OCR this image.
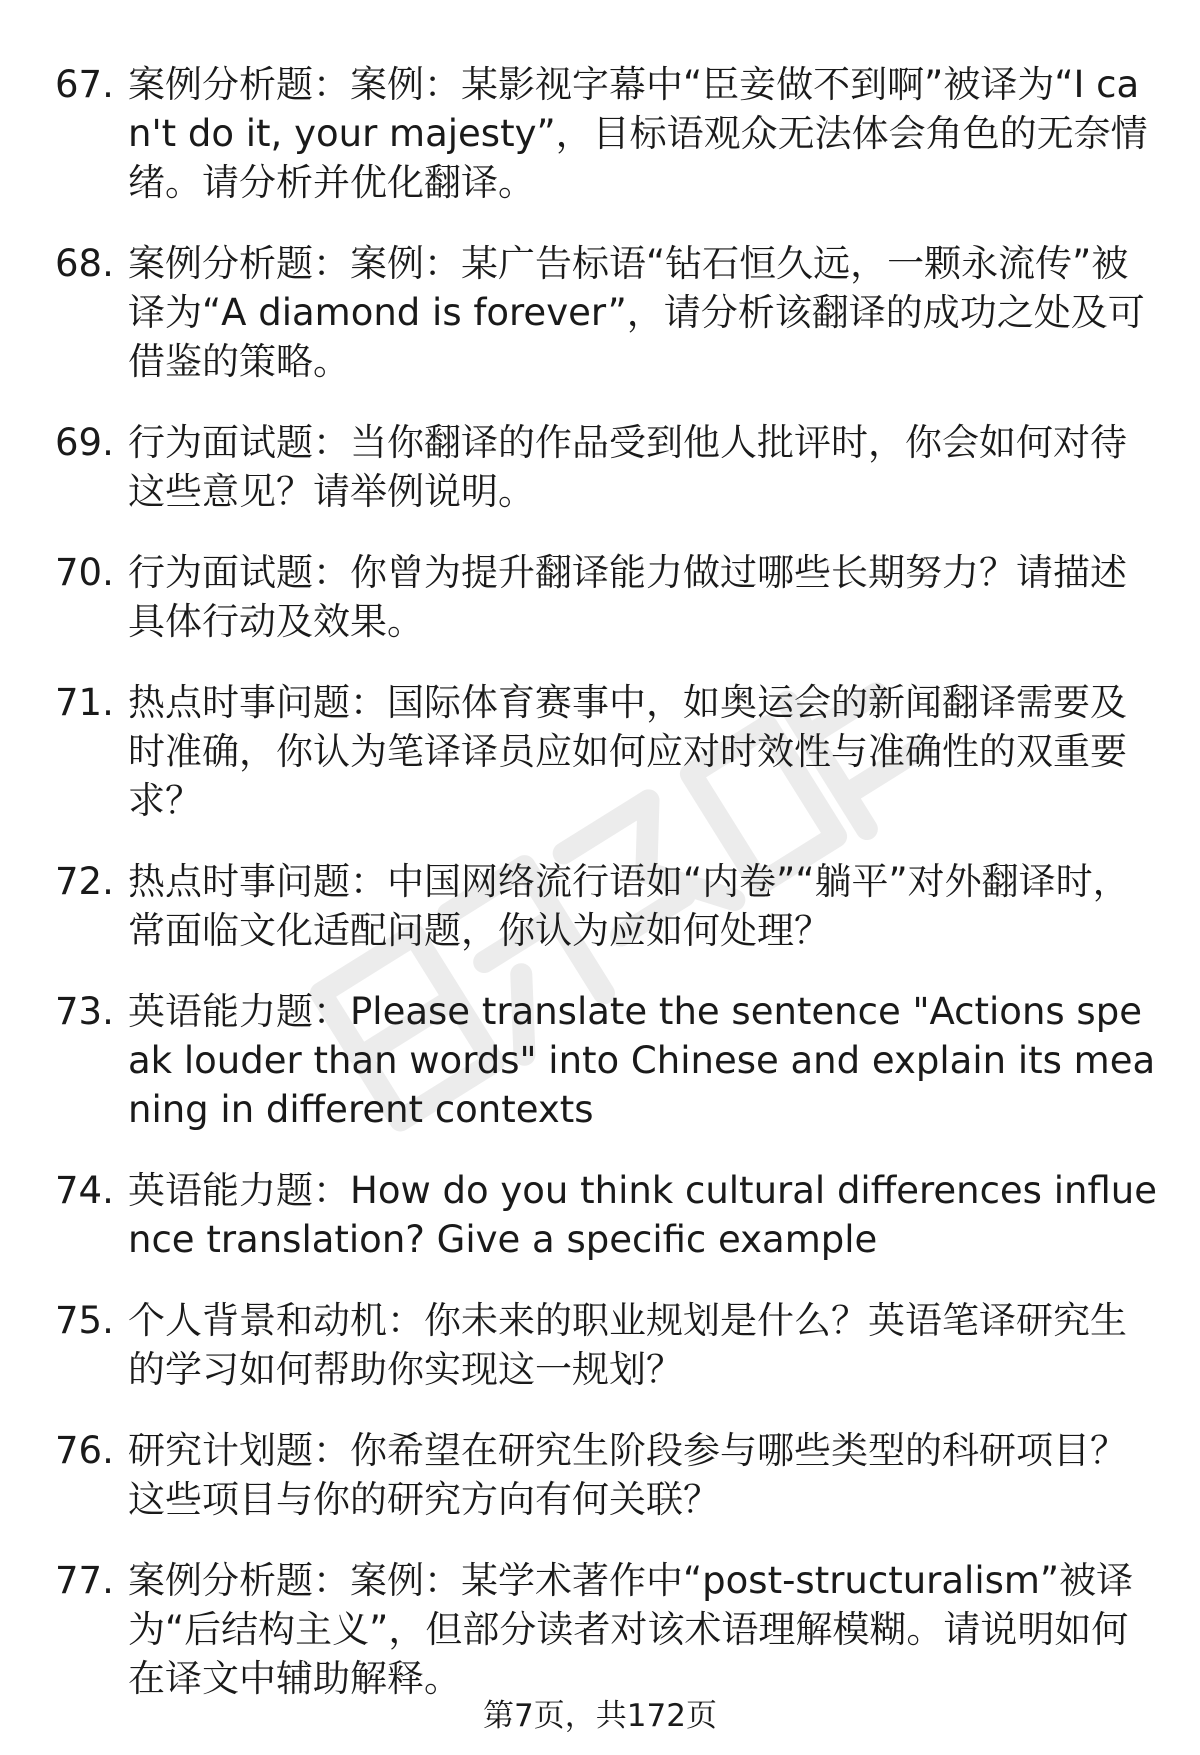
67. 案例分析题：案例：某影视字幕中“臣妾做不到啊”被译为“I can't do it, your majesty”，目标语观众无法体会角色的无奈情绪。请分析并优化翻译。
68. 案例分析题：案例：某广告标语“钻石恒久远，一颗永流传”被译为“A diamond is forever”，请分析该翻译的成功之处及可借鉴的策略。
69. 行为面试题：当你翻译的作品受到他人批评时，你会如何对待这些意见？请举例说明。
70. 行为面试题：你曾为提升翻译能力做过哪些长期努力？请描述具体行动及效果。
71. 热点时事问题：国际体育赛事中，如奥运会的新闻翻译需要及时准确，你认为笔译译员应如何应对时效性与准确性的双重要求？
72. 热点时事问题：中国网络流行语如“内卷”“躺平”对外翻译时，常面临文化适配问题，你认为应如何处理？
73. 英语能力题：Please translate the sentence "Actions speak louder than words" into Chinese and explain its meaning in different contexts
74. 英语能力题：How do you think cultural differences influence translation? Give a specific example
75. 个人背景和动机：你未来的职业规划是什么？英语笔译研究生的学习如何帮助你实现这一规划？
76. 研究计划题：你希望在研究生阶段参与哪些类型的科研项目？这些项目与你的研究方向有何关联？
77. 案例分析题：案例：某学术著作中“post-structuralism”被译为“后结构主义”，但部分读者对该术语理解模糊。请说明如何在译文中辅助解释。
第7页，共172页
